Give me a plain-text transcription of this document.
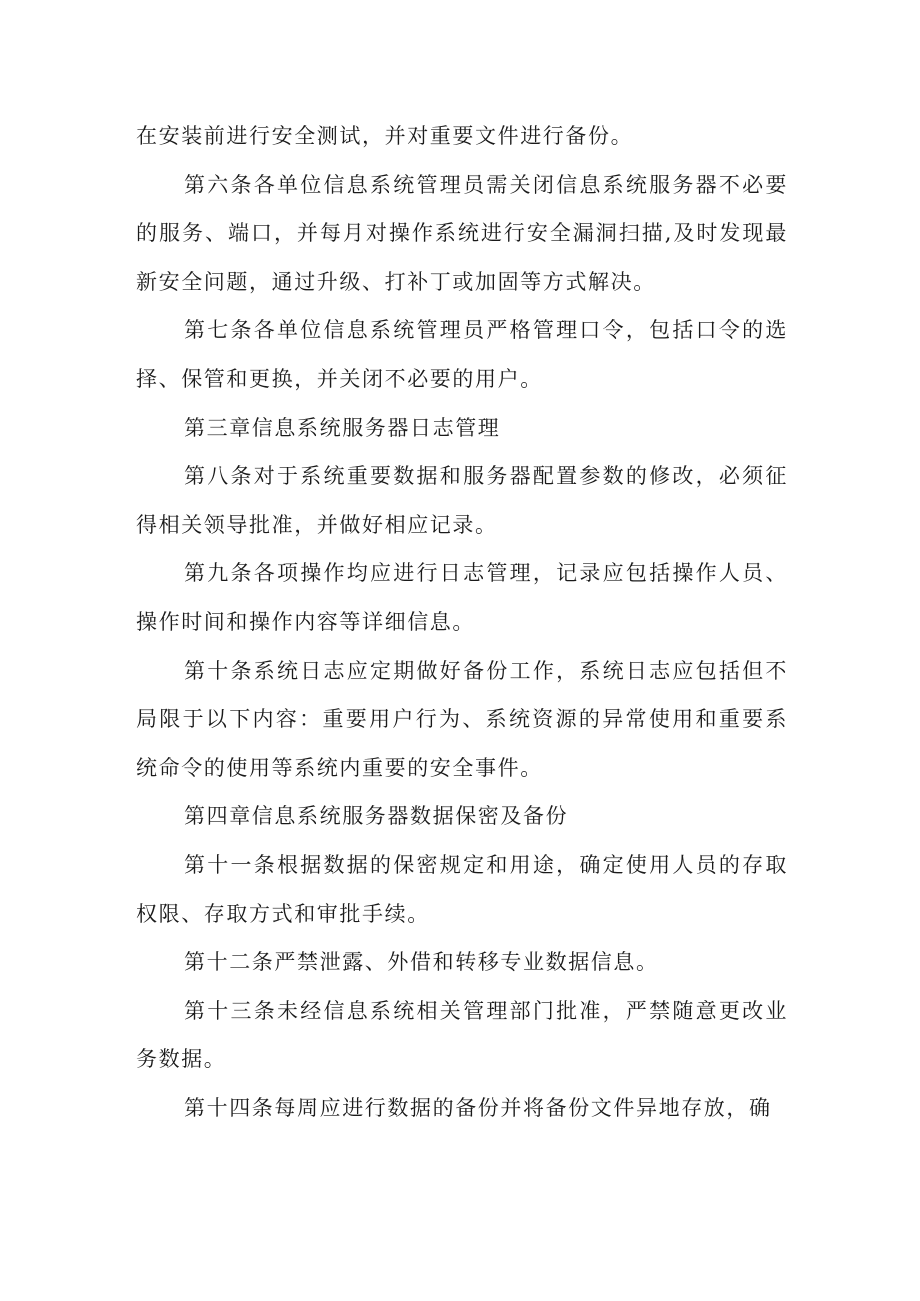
在安装前进行安全测试，并对重要文件进行备份。

第六条各单位信息系统管理员需关闭信息系统服务器不必要的服务、端口，并每月对操作系统进行安全漏洞扫描,及时发现最新安全问题，通过升级、打补丁或加固等方式解决。

第七条各单位信息系统管理员严格管理口令，包括口令的选择、保管和更换，并关闭不必要的用户。

第三章信息系统服务器日志管理

第八条对于系统重要数据和服务器配置参数的修改，必须征得相关领导批准，并做好相应记录。

第九条各项操作均应进行日志管理，记录应包括操作人员、操作时间和操作内容等详细信息。

第十条系统日志应定期做好备份工作，系统日志应包括但不局限于以下内容：重要用户行为、系统资源的异常使用和重要系统命令的使用等系统内重要的安全事件。

第四章信息系统服务器数据保密及备份

第十一条根据数据的保密规定和用途，确定使用人员的存取权限、存取方式和审批手续。

第十二条严禁泄露、外借和转移专业数据信息。

第十三条未经信息系统相关管理部门批准，严禁随意更改业务数据。

第十四条每周应进行数据的备份并将备份文件异地存放，确
